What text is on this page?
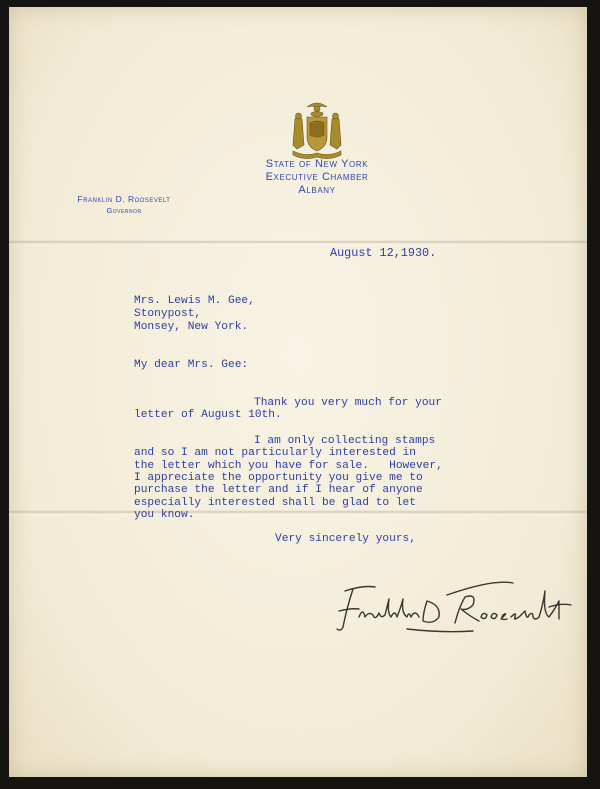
State of New York
Executive Chamber
Albany
Franklin D. Roosevelt
Governor
August 12,1930.
Mrs. Lewis M. Gee,
Stonypost,
Monsey, New York.
My dear Mrs. Gee:
Thank you very much for your
letter of August 10th.
I am only collecting stamps
and so I am not particularly interested in
the letter which you have for sale.   However,
I appreciate the opportunity you give me to
purchase the letter and if I hear of anyone
especially interested shall be glad to let
you know.
Very sincerely yours,
